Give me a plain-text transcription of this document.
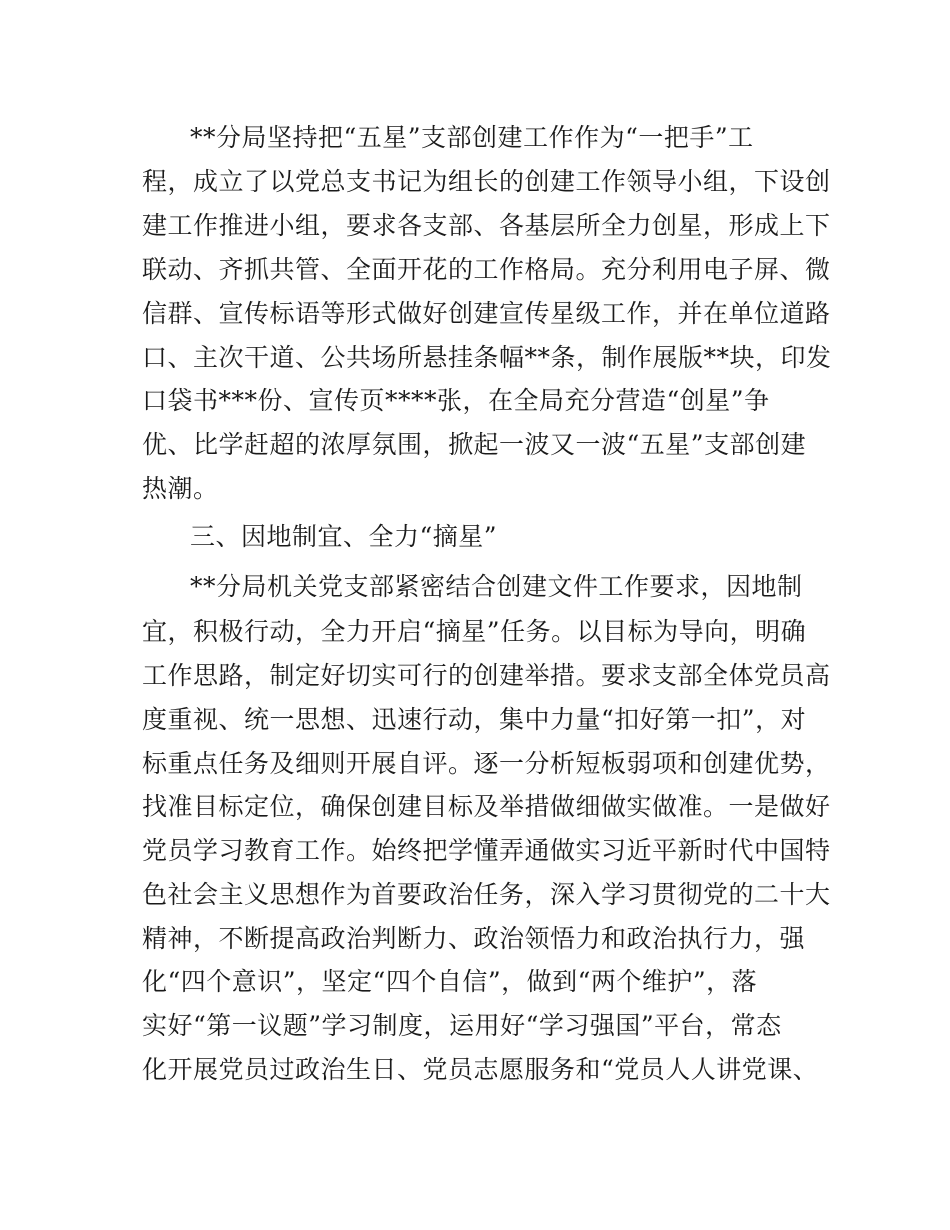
**分局坚持把“五星”支部创建工作作为“一把手”工
程，成立了以党总支书记为组长的创建工作领导小组，下设创
建工作推进小组，要求各支部、各基层所全力创星，形成上下
联动、齐抓共管、全面开花的工作格局。充分利用电子屏、微
信群、宣传标语等形式做好创建宣传星级工作，并在单位道路
口、主次干道、公共场所悬挂条幅**条，制作展版**块，印发
口袋书***份、宣传页****张，在全局充分营造“创星”争
优、比学赶超的浓厚氛围，掀起一波又一波“五星”支部创建
热潮。
三、因地制宜、全力“摘星”
**分局机关党支部紧密结合创建文件工作要求，因地制
宜，积极行动，全力开启“摘星”任务。以目标为导向，明确
工作思路，制定好切实可行的创建举措。要求支部全体党员高
度重视、统一思想、迅速行动，集中力量“扣好第一扣”，对
标重点任务及细则开展自评。逐一分析短板弱项和创建优势，
找准目标定位，确保创建目标及举措做细做实做准。一是做好
党员学习教育工作。始终把学懂弄通做实习近平新时代中国特
色社会主义思想作为首要政治任务，深入学习贯彻党的二十大
精神，不断提高政治判断力、政治领悟力和政治执行力，强
化“四个意识”，坚定“四个自信”，做到“两个维护”，落
实好“第一议题”学习制度，运用好“学习强国”平台，常态
化开展党员过政治生日、党员志愿服务和“党员人人讲党课、
